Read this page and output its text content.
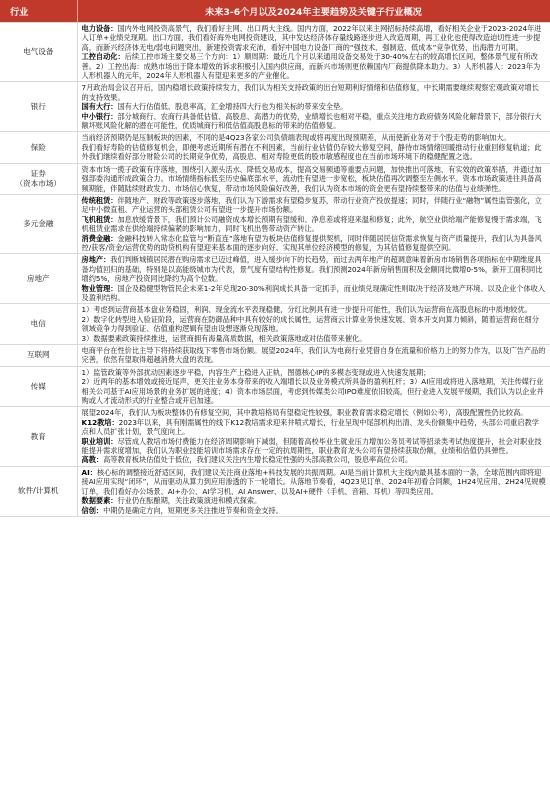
行业	未来3-6个月以及2024年主要趋势及关键子行业概况

电气设备	电力设备：国内外电网投资高景气，我们看好主网、出口两大主线。国内方面，2022年以来主网招标持续高增，看好相关企业于2023-2024年进入订单+业绩兑现期。出口方面，我们看好海外电网投资建设，其中发达经济体存量线路逐步进入改造周期，再工业化也使得改造迫切性进一步提高，而新兴经济体无电/弱电问题突出，新建投资需求充沛，看好中国电力设备厂商的“强技术、强制造、低成本”竞争优势，出海潜力可期。

工控自动化：后续工控市场主要交易三个方向：1）顺周期：最近几个月以来通用设备交易处于30-40%左右的较高增长区间，整体景气度有所改善。2）工控出海：成熟市场出于降本增效的诉求积极引入国内供应商，而新兴市场则更依赖国内厂商提供降本助力。3）人形机器人：2023年为人形机器人的元年，2024年人形机器人有望迎来更多的产业催化。

银行	7月政治局会议召开后，国内稳增长政策持续发力，我们认为相关支持政策的出台短期利好情绪和估值修复，中长期需要继续观察宏观政策对增长的支持效果。

国有大行：国有大行估值低、股息率高，汇金增持四大行也为相关标的带来安全垫。

中小银行：部分城商行、农商行具备低估值、高股息、高潜力的优势，业绩增长也相对平稳，重点关注地方政府债务风险化解背景下，部分银行大额坏账风险化解的潜在可能性，优质城商行和低估值高股息标的带来的估值修复。

保险	当前经济预期仍是压制板块的因素，不同的是4Q23各家公司负债端表现或将再度出现预期差，从而使新业务对于个股走势的影响加大。

我们看好寿险的估值修复机会，即便考虑近期所有潜在不利因素，当前行业估值仍存较大修复空间，静待市场情绪回暖推动行业重回修复轨道；此外我们继续看好部分财险公司的长期竞争优势，高股息、相对寿险更低的股市敏感程度也在当前市场环境下的稳健配置之选。

证券
（资本市场）	资本市场一揽子政策有序落地，围绕引入源头活水、降低交易成本，提高交易频通等重要点问题，加快推出可落地、有实效的政策举措，并通过加强部委沟通形成政策合力。市场情绪指标低至历史偏底部水平，流动性有望进一步宽松，板块估值再次调整至左侧水平。资本市场政策进往具备高频期能，伴随陆续财政发力、市场信心恢复，带动市场风险偏好改善，我们认为资本市场的资金更有望持续整带来的估值与业绩弹性。

多元金融	传统租赁：伴随地产、财政等政策逐步落地，我们认为下游需求有望稳步复苏，带动行业资产投放提速；同时，伴随行业“融物”属性监管强化，立足中小微直租、产业运营的头部租赁公司有望进一步提升市场份额。

飞机租赁：加息放缓背景下，我们预计公司融资成本增长预期有望缓和、净息差或将迎来温和修复；此外，航空业供给端产能修复慢于需求端，飞机租赁业需求在供给端持续偏紧的影响加力，同时飞机出售带动资产转让。

消费金融：金融科技转入常态化监管与“断直连”落地有望为板块估值修复提供契机，同时伴随居民信贷需求恢复与资产质量提升，我们认为具备风控/获客/资金/运营优势的助贷机构有望迎来基本面的逐步向好、实现其单位经济模型的修复，为其估值修复提供空间。

房地产	房地产：我们判断城镇居民潜在购房需求已迈过峰值，进入缓步向下的长趋势，而过去两年地产的超调意味着新房市场销售各项指标在中期维度具备均值回归的基础，特别是以高能级城市为代表，景气度有望结构性修复。我们预测2024年新房销售面积及金额同比微增0-5%，新开工面积同比增约5%，房地产投资同比降约为高个位数。

物业管理：国企及稳健型物管民企未来1-2年兑现20-30%利润成长具备一定抓手，而业绩兑现确定性则取决于经济及地产环境、以及企业个体收入及盈利结构。

电信	1）考虑到运营商基本盘业务稳固，利润、现金流水平表现稳健，分红比例具有进一步提升可能性，我们认为运营商在高股息标的中质地较优。

2）数字化转型进入验证阶段，运营商在防御品种中具有较好的成长属性，运营商云计算业务快速发展、资本开支向算力倾斜，随着运营商在细分领域竞争力得到验证、估值重构逻辑有望由设想逐渐兑现落地。

3）数据要素政策持续推进，运营商拥有海量高质数据，相关政策落地或对估值带来催化。

互联网	电商平台在性价比主导下将持续获取线下零售市场份额。展望2024年，我们认为电商行业凭借自身在流量和价格力上的努力作为，以及广告产品的完善，依然有望取得超越消费大盘的表现。

传媒	1）监管政策等外部扰动因素逐步平稳，内容生产上稳进入正轨，图德核心IP的多模态变现或进入快速发展期；

2）近两年的基本增效或接近尾声，更关注业务本身带来的收入端增长以及业务模式所具备的盈利杠杆；3）AI应用或将进入落地期，关注传媒行业相关公司基于AI应用场景的业务扩展的进度；4）资本市场层面，考虑到传媒类公司IPO难度依旧较高，但行业进入发展平缓期，我们认为以企业并购或人才流动形式的行业整合或开启加速。

教育	展望2024年，我们认为板块整体仍有修复空间，其中教培格局有望稳定性较强，职业教育需求稳定增长（例如公考），高股配置性仍比较高。

K12教培：2023年以来，具有刚需属性的线下K12教培需求迎来井喷式增长，行业呈现中尾部机构出清、龙头份额集中趋势，头部公司重启教学点和人员扩张计划，景气度向上。

职业培训：尽管成人教培市场付费能力在经济周期影响下减弱，但随着高校毕业生就业压力增加公务员考试等招录类考试热度提升，社会对职业技能提升需求度增加，我们认为职业技能培训市场需求存在一定的抗周期性，职业教育龙头公司有望持续获取份额，业绩和估值仍具弹性。

高教：高等教育板块估值处于低位，我们建议关注内生增长稳定性强的头部高教公司，股息率高位公司。

软件/计算机	AI：核心标的调整接近舒适区间，我们建议关注商业落地+科技发展的共振周期。AI是当前计算机大主线内最具基本面的一条，全球范围内即将迎接AI应用实现“闭环”，从而驱动从算力到应用渗透的下一轮增长。从落地节奏看，4Q23见订单、2024年初看合同额，1H24见应用、2H24见规模订单，我们看好办公场景、AI+办公、AI学习机、AI Answer、以及AI+硬件（手机、音箱、耳机）等四类应用。

数据要素：行业仍在酝酿期，关注政策演进和模式探索。

信创：中期仍是确定方向，短期更多关注推进节奏和资金支持。
